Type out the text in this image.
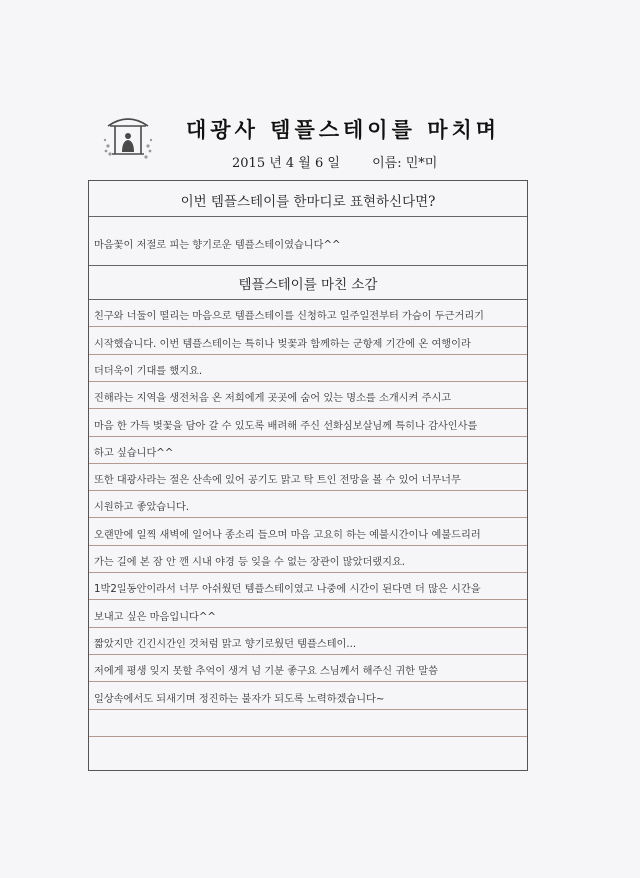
대광사 템플스테이를 마치며
2015 년 4 월 6 일 이름: 민*미
이번 템플스테이를 한마디로 표현하신다면?
마음꽃이 저절로 피는 향기로운 템플스테이였습니다^^
템플스테이를 마친 소감
친구와 너둘이 떨리는 마음으로 템플스테이를 신청하고 일주일전부터 가슴이 두근거리기
시작했습니다. 이번 템플스테이는 특히나 벚꽃과 함께하는 군항제 기간에 온 여행이라
더더욱이 기대를 했지요.
진해라는 지역을 생전처음 온 저희에게 곳곳에 숨어 있는 명소를 소개시켜 주시고
마음 한 가득 벚꽃을 담아 갈 수 있도록 배려해 주신 선화심보살님께 특히나 감사인사를
하고 싶습니다^^
또한 대광사라는 절은 산속에 있어 공기도 맑고 탁 트인 전망을 볼 수 있어 너무너무
시원하고 좋았습니다.
오랜만에 일찍 새벽에 일어나 종소리 들으며 마음 고요히 하는 예불시간이나 예불드리러
가는 길에 본 잠 안 깬 시내 야경 등 잊을 수 없는 장관이 많았더랬지요.
1박2일동안이라서 너무 아쉬웠던 템플스테이였고 나중에 시간이 된다면 더 많은 시간을
보내고 싶은 마음입니다^^
짧았지만 긴긴시간인 것처럼 맑고 향기로웠던 템플스테이...
저에게 평생 잊지 못할 추억이 생겨 넘 기분 좋구요 스님께서 해주신 귀한 말씀
일상속에서도 되새기며 정진하는 불자가 되도록 노력하겠습니다~
